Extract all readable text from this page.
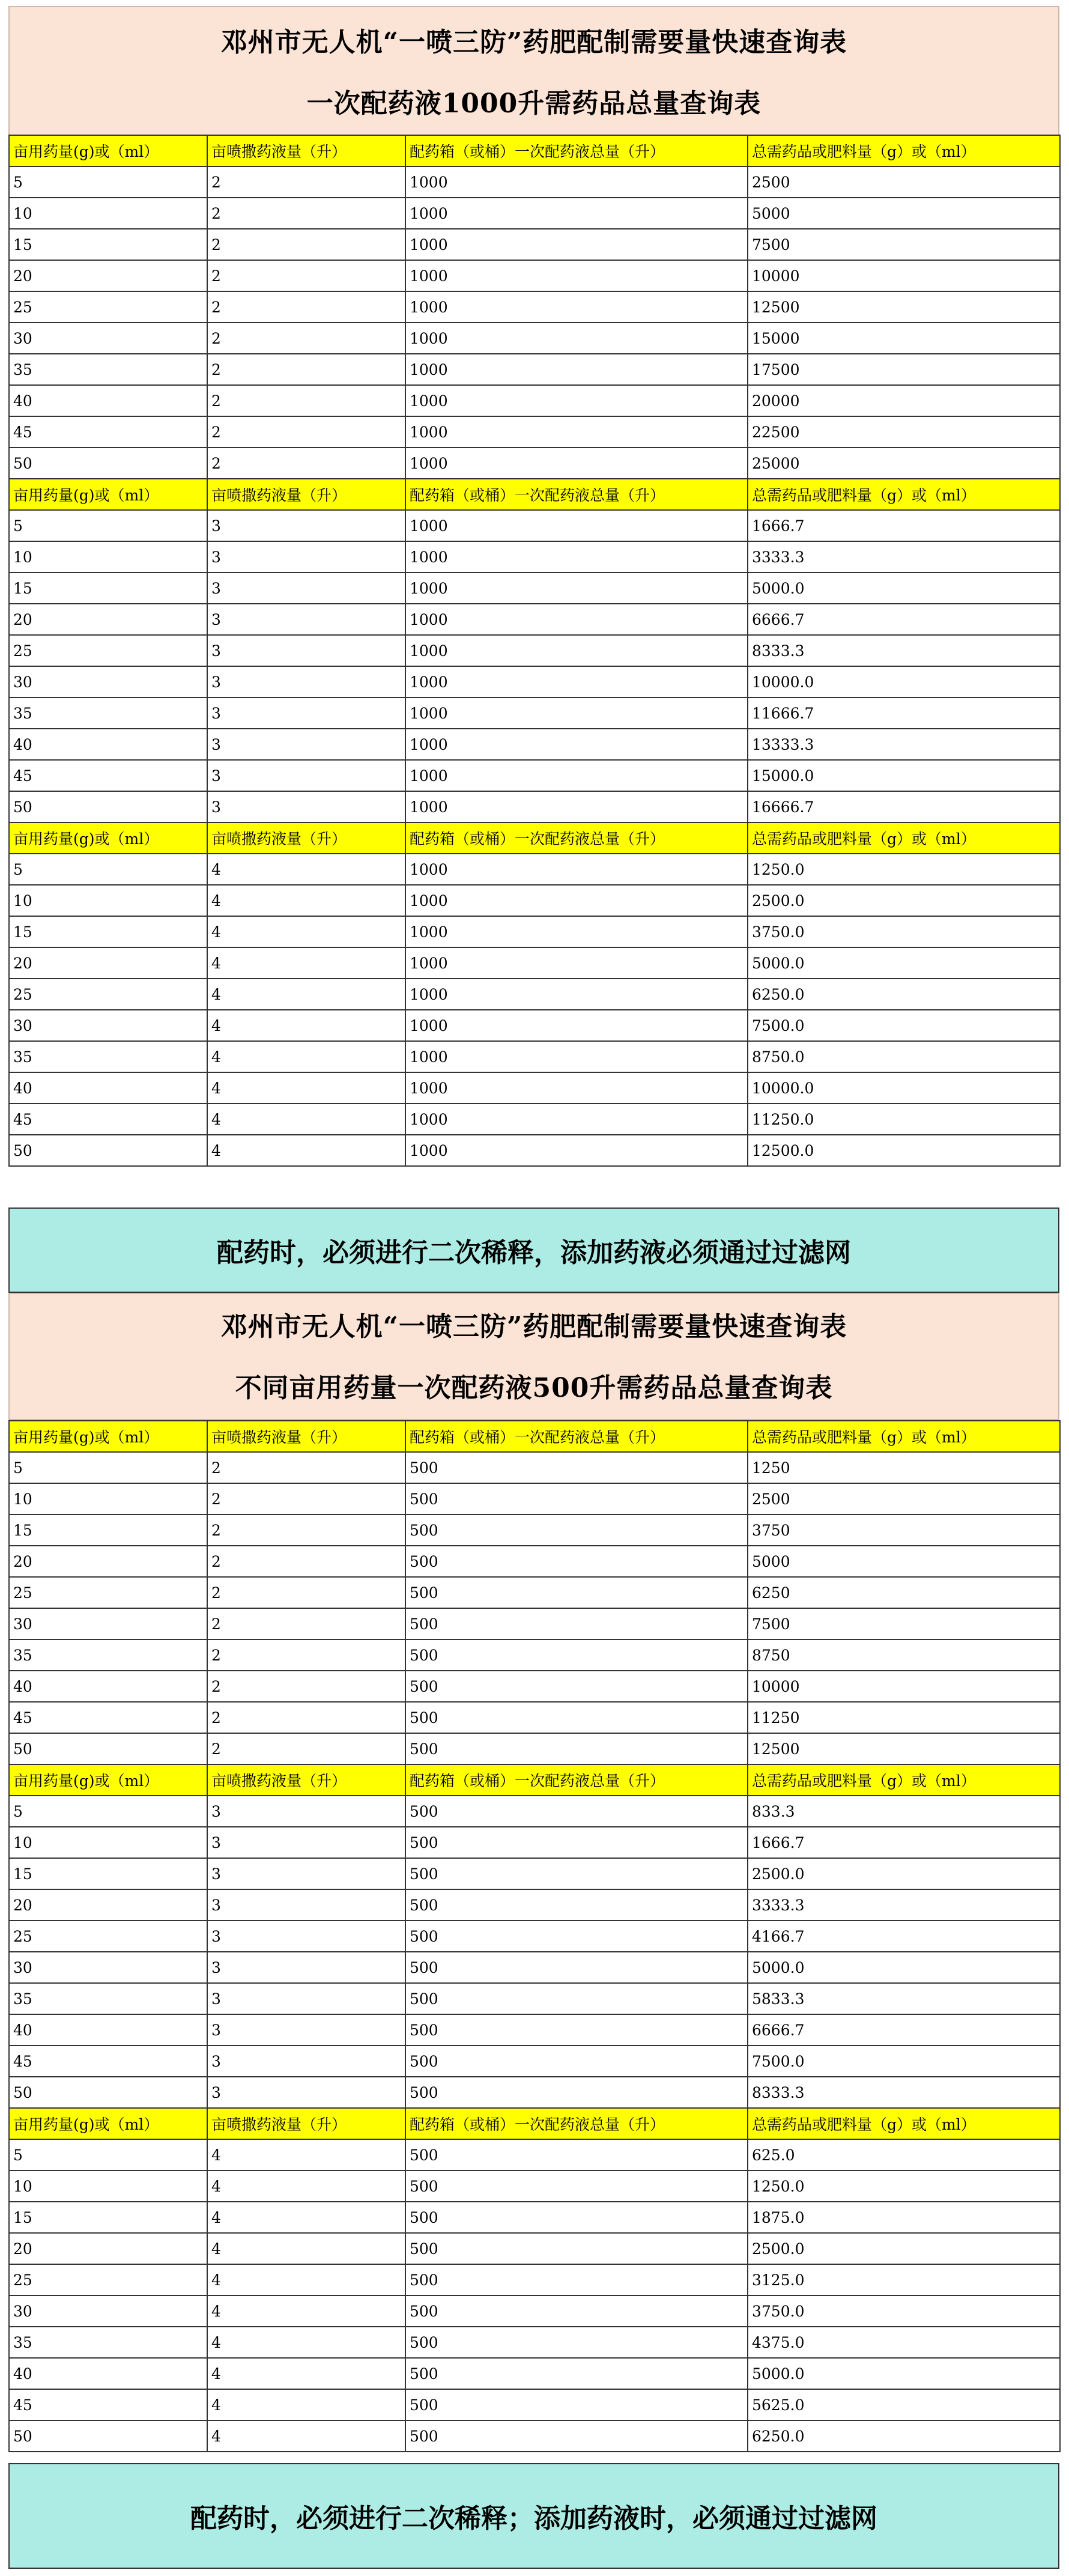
邓州市无人机“一喷三防”药肥配制需要量快速查询表
一次配药液1000升需药品总量查询表
亩用药量(g)或（ml）	亩喷撒药液量（升）	配药箱（或桶）一次配药液总量（升）	总需药品或肥料量（g）或（ml）
5	2	1000	2500
10	2	1000	5000
15	2	1000	7500
20	2	1000	10000
25	2	1000	12500
30	2	1000	15000
35	2	1000	17500
40	2	1000	20000
45	2	1000	22500
50	2	1000	25000
亩用药量(g)或（ml）	亩喷撒药液量（升）	配药箱（或桶）一次配药液总量（升）	总需药品或肥料量（g）或（ml）
5	3	1000	1666.7
10	3	1000	3333.3
15	3	1000	5000.0
20	3	1000	6666.7
25	3	1000	8333.3
30	3	1000	10000.0
35	3	1000	11666.7
40	3	1000	13333.3
45	3	1000	15000.0
50	3	1000	16666.7
亩用药量(g)或（ml）	亩喷撒药液量（升）	配药箱（或桶）一次配药液总量（升）	总需药品或肥料量（g）或（ml）
5	4	1000	1250.0
10	4	1000	2500.0
15	4	1000	3750.0
20	4	1000	5000.0
25	4	1000	6250.0
30	4	1000	7500.0
35	4	1000	8750.0
40	4	1000	10000.0
45	4	1000	11250.0
50	4	1000	12500.0
配药时，必须进行二次稀释，添加药液必须通过过滤网
邓州市无人机“一喷三防”药肥配制需要量快速查询表
不同亩用药量一次配药液500升需药品总量查询表
亩用药量(g)或（ml）	亩喷撒药液量（升）	配药箱（或桶）一次配药液总量（升）	总需药品或肥料量（g）或（ml）
5	2	500	1250
10	2	500	2500
15	2	500	3750
20	2	500	5000
25	2	500	6250
30	2	500	7500
35	2	500	8750
40	2	500	10000
45	2	500	11250
50	2	500	12500
亩用药量(g)或（ml）	亩喷撒药液量（升）	配药箱（或桶）一次配药液总量（升）	总需药品或肥料量（g）或（ml）
5	3	500	833.3
10	3	500	1666.7
15	3	500	2500.0
20	3	500	3333.3
25	3	500	4166.7
30	3	500	5000.0
35	3	500	5833.3
40	3	500	6666.7
45	3	500	7500.0
50	3	500	8333.3
亩用药量(g)或（ml）	亩喷撒药液量（升）	配药箱（或桶）一次配药液总量（升）	总需药品或肥料量（g）或（ml）
5	4	500	625.0
10	4	500	1250.0
15	4	500	1875.0
20	4	500	2500.0
25	4	500	3125.0
30	4	500	3750.0
35	4	500	4375.0
40	4	500	5000.0
45	4	500	5625.0
50	4	500	6250.0
配药时，必须进行二次稀释；添加药液时，必须通过过滤网
